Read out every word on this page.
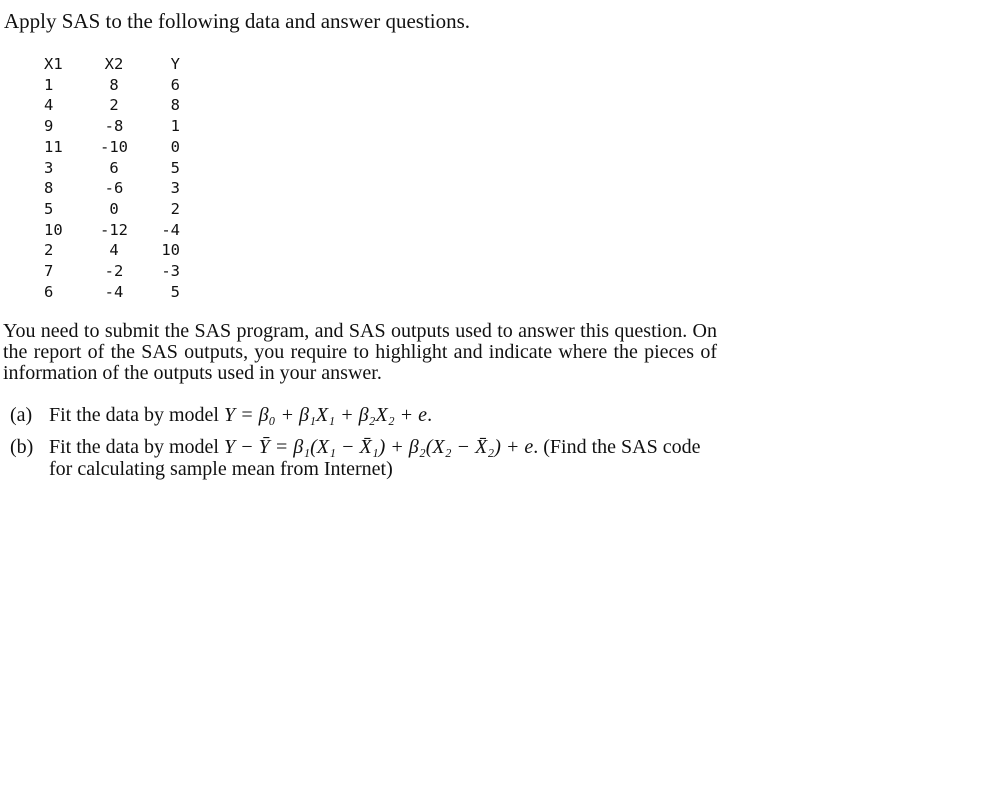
Apply SAS to the following data and answer questions.
X1	X2	Y
1	8	6
4	2	8
9	-8	1
11	-10	0
3	6	5
8	-6	3
5	0	2
10	-12	-4
2	4	10
7	-2	-3
6	-4	5

You need to submit the SAS program, and SAS outputs used to answer this question. On the report of the SAS outputs, you require to highlight and indicate where the pieces of information of the outputs used in your answer.

(a) Fit the data by model Y = β₀ + β₁X₁ + β₂X₂ + e.
(b) Fit the data by model Y − Ȳ = β₁(X₁ − X̄₁) + β₂(X₂ − X̄₂) + e. (Find the SAS code for calculating sample mean from Internet)
